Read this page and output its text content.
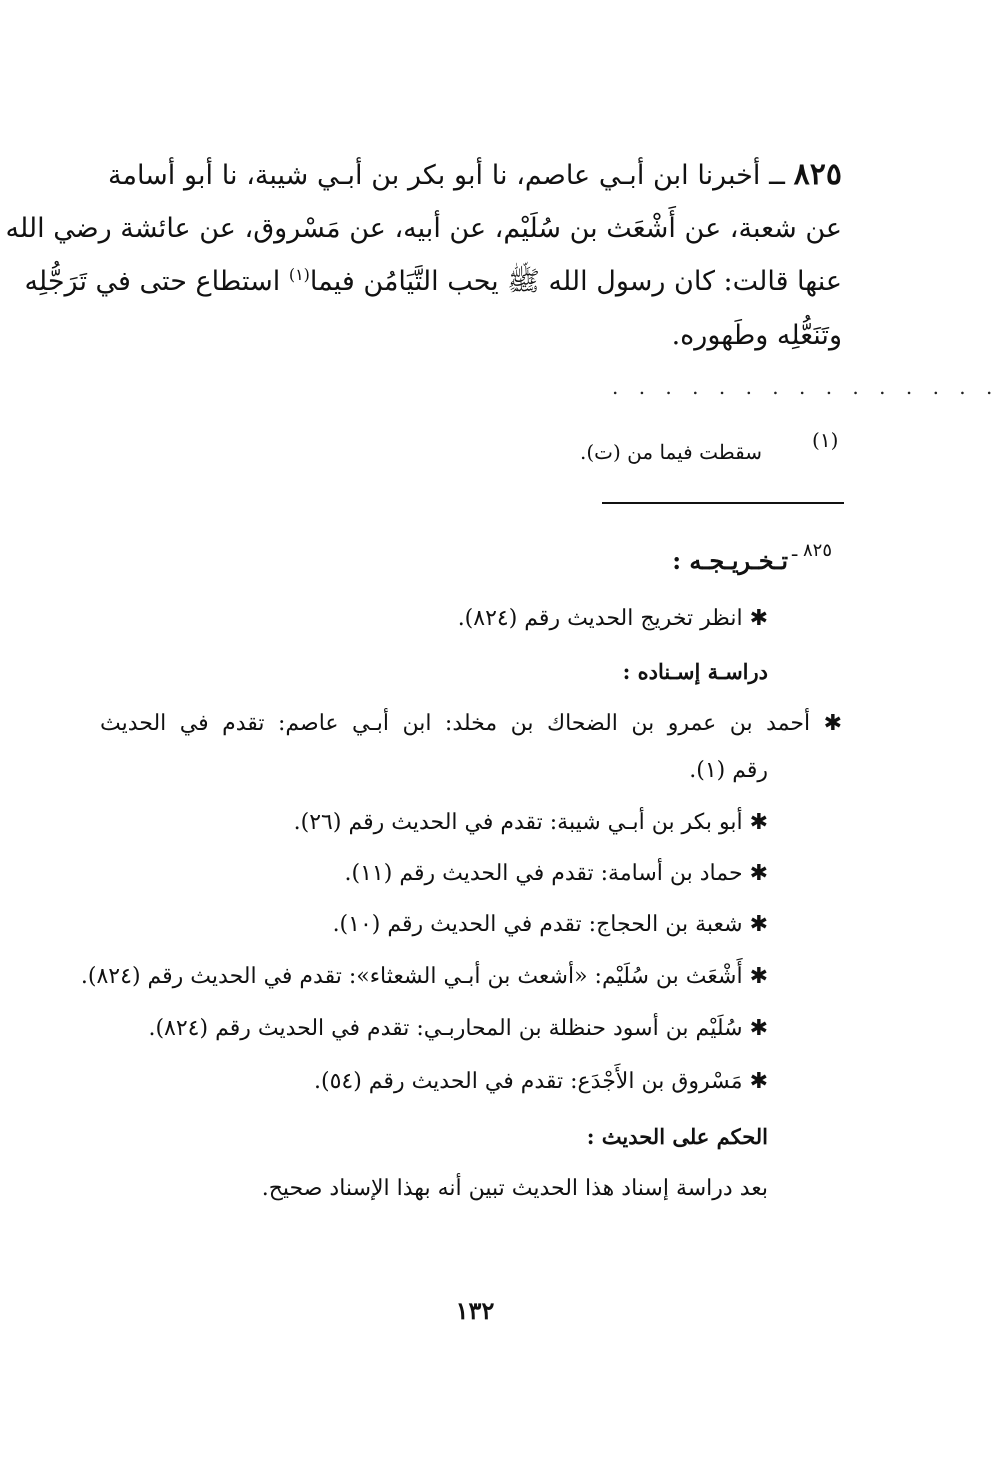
٨٢٥ ــ أخبرنا ابن أبـي عاصم، نا أبو بكر بن أبـي شيبة، نا أبو أسامة
عن شعبة، عن أَشْعَث بن سُلَيْم، عن أبيه، عن مَسْروق، عن عائشة رضي الله
عنها قالت: كان رسول الله ﷺ يحب التَّيَامُن فيما$^{(١)}$ استطاع حتى في تَرَجُّلِه
وتَنَعُّلِه وطَهوره.
. . . . . . . . . . . . . . .
(١)
سقطت فيما من (ت).
٨٢٥ ـ
تـخـريـجـه :
✱ انظر تخريج الحديث رقم (٨٢٤).
دراسـة إسـناده :
✱ أحمد بن عمرو بن الضحاك بن مخلد: ابن أبـي عاصم: تقدم في الحديث
رقم (١).
✱ أبو بكر بن أبـي شيبة: تقدم في الحديث رقم (٢٦).
✱ حماد بن أسامة: تقدم في الحديث رقم (١١).
✱ شعبة بن الحجاج: تقدم في الحديث رقم (١٠).
✱ أَشْعَث بن سُلَيْم: «أشعث بن أبـي الشعثاء»: تقدم في الحديث رقم (٨٢٤).
✱ سُلَيْم بن أسود حنظلة بن المحاربـي: تقدم في الحديث رقم (٨٢٤).
✱ مَسْروق بن الأَجْدَع: تقدم في الحديث رقم (٥٤).
الحكم على الحديث :
بعد دراسة إسناد هذا الحديث تبين أنه بهذا الإسناد صحيح.
١٣٢
